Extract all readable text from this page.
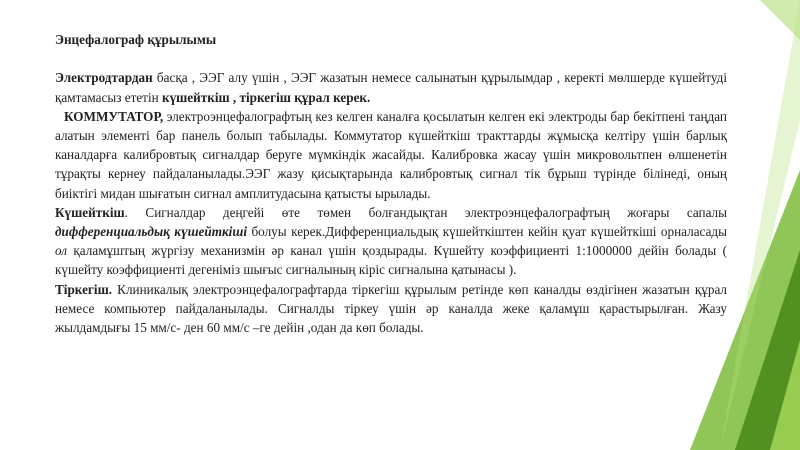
Энцефалограф құрылымы

Электродтардан басқа , ЭЭГ алу үшін , ЭЭГ жазатын немесе салынатын құрылымдар , керекті мөлшерде күшейтуді қамтамасыз ететін күшейткіш , тіркегіш құрал керек.

КОММУТАТОР, электроэнцефалографтың кез келген каналға қосылатын келген екі электроды бар бекітпені таңдап алатын элементі бар панель болып табылады. Коммутатор күшейткіш тракттарды жұмысқа келтіру үшін барлық каналдарға калибровтық сигналдар беруге мүмкіндік жасайды. Калибровка жасау үшін микровольтпен өлшенетін тұрақты кернеу пайдаланылады.ЭЭГ жазу қисықтарында калибровтық сигнал тік бұрыш түрінде білінеді, оның биіктігі мидан шығатын сигнал амплитудасына қатысты ырылады.

Күшейткіш. Сигналдар деңгейі өте төмен болғандықтан электроэнцефалографтың жоғары сапалы дифференциальдық күшейткіші болуы керек.Дифференциальдық күшейткіштен кейін қуат күшейткіші орналасады ол қаламұштың жүргізу механизмін әр канал үшін қоздырады. Күшейту коэффициенті 1:1000000 дейін болады ( күшейту коэффициенті дегеніміз шығыс сигналының кіріс сигналына қатынасы ).

Тіркегіш. Клиникалық электроэнцефалографтарда тіркегіш құрылым ретінде көп каналды өздігінен жазатын құрал немесе компьютер пайдаланылады. Сигналды тіркеу үшін әр каналда жеке қаламұш қарастырылған. Жазу жылдамдығы 15 мм/с- ден 60 мм/с –ге дейін ,одан да көп болады.
